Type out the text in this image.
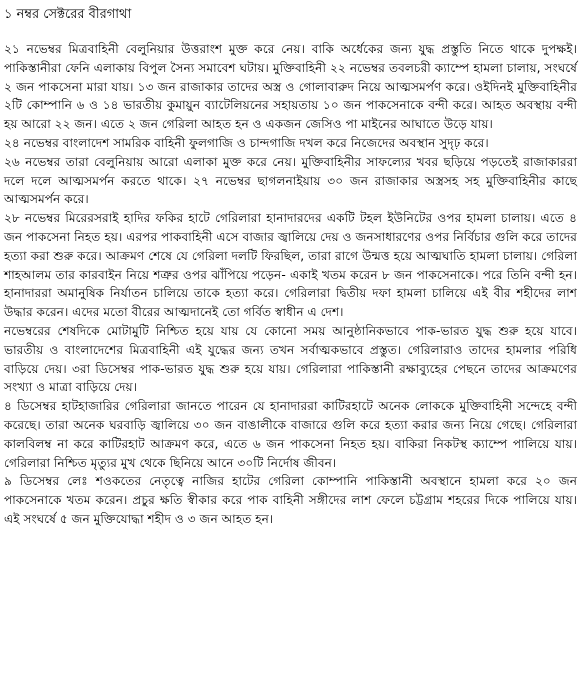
১ নম্বর সেক্টরের বীরগাথা

২১ নভেম্বর মিত্রবাহিনী বেলুনিয়ার উত্তরাংশ মুক্ত করে নেয়। বাকি অর্ধেকের জন্য যুদ্ধ প্রস্তুতি নিতে থাকে দুপক্ষই। পাকিস্তানীরা ফেনি এলাকায় বিপুল সৈন্য সমাবেশ ঘটায়। মুক্তিবাহিনী ২২ নভেম্বর তবলচরী ক্যাম্পে হামলা চালায়, সংঘর্ষে ২ জন পাকসেনা মারা যায়। ১৩ জন রাজাকার তাদের অস্ত্র ও গোলাবারুদ নিয়ে আত্মসমর্পণ করে। ওইদিনই মুক্তিবাহিনীর ২টি কোম্পানি ৬ ও ১৪ ভারতীয় কুমায়ুন ব্যাটেলিয়নের সহায়তায় ১০ জন পাকসেনাকে বন্দী করে। আহত অবস্থায় বন্দী হয় আরো ২২ জন। এতে ২ জন গেরিলা আহত হন ও একজন জেসিও পা মাইনের আঘাতে উড়ে যায়।

২৪ নভেম্বর বাংলাদেশ সামরিক বাহিনী ফুলগাজি ও চান্দগাজি দখল করে নিজেদের অবস্থান সুদৃঢ় করে।

২৬ নভেম্বর তারা বেলুনিয়ায় আরো এলাকা মুক্ত করে নেয়। মুক্তিবাহিনীর সাফল্যের খবর ছড়িয়ে পড়তেই রাজাকাররা দলে দলে আত্মসমর্পন করতে থাকে। ২৭ নভেম্বর ছাগলনাইয়ায় ৩০ জন রাজাকার অস্ত্রসহ সহ মুক্তিবাহিনীর কাছে আত্মসমর্পন করে।

২৮ নভেম্বর মিরেরসরাই হাদির ফকির হাটে গেরিলারা হানাদারদের একটি টহল ইউনিটের ওপর হামলা চালায়। এতে ৪ জন পাকসেনা নিহত হয়। এরপর পাকবাহিনী এসে বাজার জ্বালিয়ে দেয় ও জনসাধারণের ওপর নির্বিচার গুলি করে তাদের হত্যা করা শুরু করে। আক্রমণ শেষে যে গেরিলা দলটি ফিরছিল, তারা রাগে উন্মত্ত হয়ে আত্মঘাতি হামলা চালায়। গেরিলা শাহআলম তার কারবাইন নিয়ে শত্রুর ওপর ঝাঁপিয়ে পড়েন- একাই খতম করেন ৮ জন পাকসেনাকে। পরে তিনি বন্দী হন। হানাদাররা অমানুষিক নির্যাতন চালিয়ে তাকে হত্যা করে। গেরিলারা দ্বিতীয় দফা হামলা চালিয়ে এই বীর শহীদের লাশ উদ্ধার করেন। এদের মতো বীরের আত্মদানেই তো গর্বিত স্বাধীন এ দেশ।

নভেম্বরের শেষদিকে মোটামুটি নিশ্চিত হয়ে যায় যে কোনো সময় আনুষ্ঠানিকভাবে পাক-ভারত যুদ্ধ শুরু হয়ে যাবে। ভারতীয় ও বাংলাদেশের মিত্রবাহিনী এই যুদ্ধের জন্য তখন সর্বাত্মকভাবে প্রস্তুত। গেরিলারাও তাদের হামলার পরিধি বাড়িয়ে দেয়। ৩রা ডিসেম্বর পাক-ভারত যুদ্ধ শুরু হয়ে যায়। গেরিলারা পাকিস্তানী রক্ষাব্যুহের পেছনে তাদের আক্রমণের সংখ্যা ও মাত্রা বাড়িয়ে দেয়।

৪ ডিসেম্বর হাটহাজারির গেরিলারা জানতে পারেন যে হানাদাররা কাটিরহাটে অনেক লোককে মুক্তিবাহিনী সন্দেহে বন্দী করেছে। তারা অনেক ঘরবাড়ি জ্বালিয়ে ৩০ জন বাঙালীকে বাজারে গুলি করে হত্যা করার জন্য নিয়ে গেছে। গেরিলারা কালবিলম্ব না করে কাটিরহাট আক্রমণ করে, এতে ৬ জন পাকসেনা নিহত হয়। বাকিরা নিকটস্থ ক্যাম্পে পালিয়ে যায়। গেরিলারা নিশ্চিত মৃত্যুর মুখ থেকে ছিনিয়ে আনে ৩০টি নির্দোষ জীবন।

৯ ডিসেম্বর লেঃ শওকতের নেতৃত্বে নাজির হাটের গেরিলা কোম্পানি পাকিস্তানী অবস্থানে হামলা করে ২০ জন পাকসেনাকে খতম করেন। প্রচুর ক্ষতি স্বীকার করে পাক বাহিনী সঙ্গীদের লাশ ফেলে চট্টগ্রাম শহরের দিকে পালিয়ে যায়। এই সংঘর্ষে ৫ জন মুক্তিযোদ্ধা শহীদ ও ৩ জন আহত হন।
